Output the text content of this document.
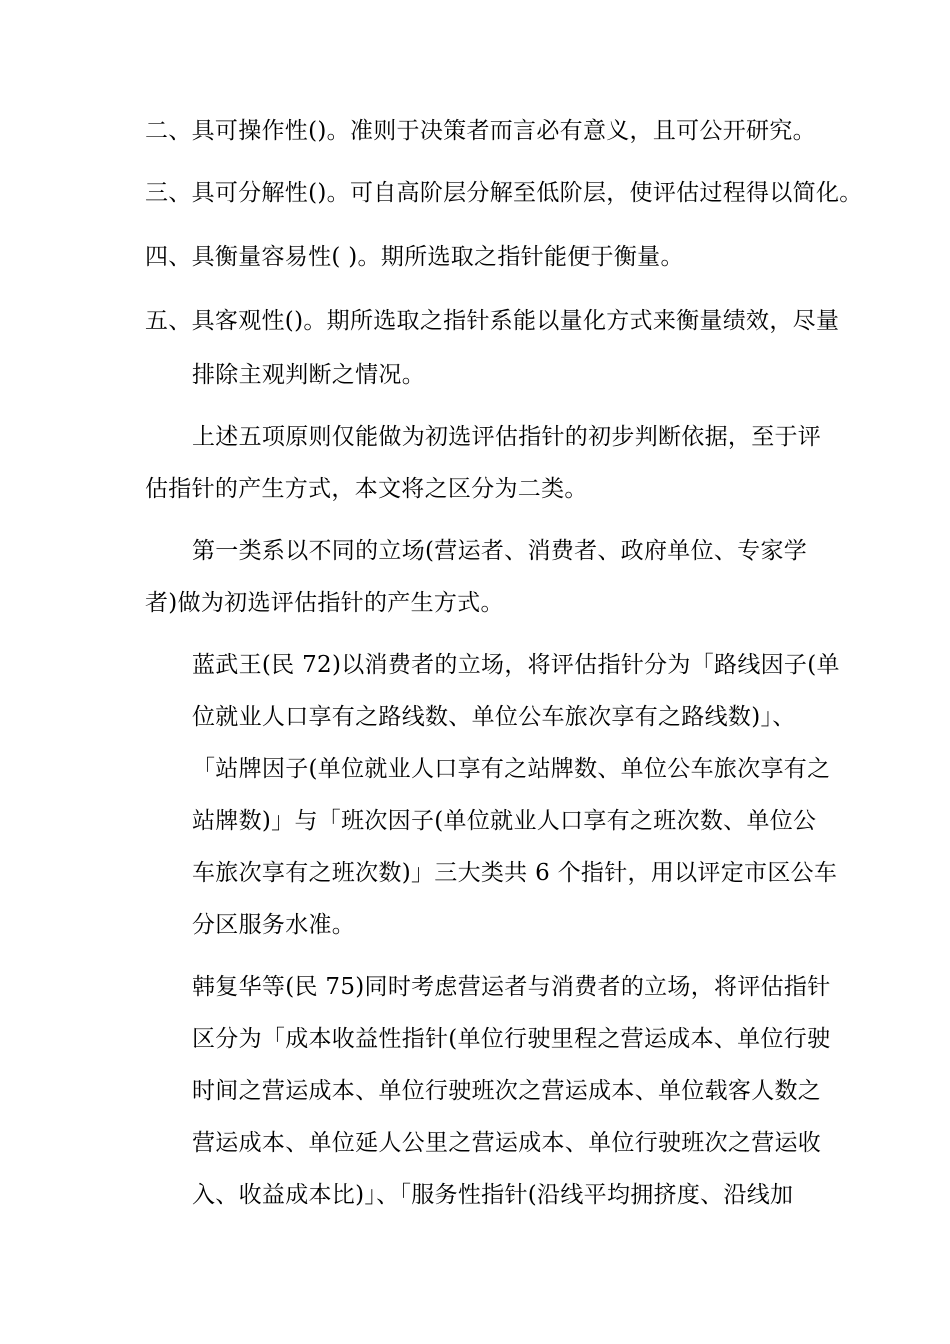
二、具可操作性()。准则于决策者而言必有意义，且可公开研究。
三、具可分解性()。可自高阶层分解至低阶层，使评估过程得以简化。
四、具衡量容易性( )。期所选取之指针能便于衡量。
五、具客观性()。期所选取之指针系能以量化方式来衡量绩效，尽量
排除主观判断之情况。
上述五项原则仅能做为初选评估指针的初步判断依据，至于评
估指针的产生方式，本文将之区分为二类。
第一类系以不同的立场(营运者、消费者、政府单位、专家学
者)做为初选评估指针的产生方式。
蓝武王(民 72)以消费者的立场，将评估指针分为「路线因子(单
位就业人口享有之路线数、单位公车旅次享有之路线数)」、
「站牌因子(单位就业人口享有之站牌数、单位公车旅次享有之
站牌数)」与「班次因子(单位就业人口享有之班次数、单位公
车旅次享有之班次数)」三大类共 6 个指针，用以评定市区公车
分区服务水准。
韩复华等(民 75)同时考虑营运者与消费者的立场，将评估指针
区分为「成本收益性指针(单位行驶里程之营运成本、单位行驶
时间之营运成本、单位行驶班次之营运成本、单位载客人数之
营运成本、单位延人公里之营运成本、单位行驶班次之营运收
入、收益成本比)」、「服务性指针(沿线平均拥挤度、沿线加
